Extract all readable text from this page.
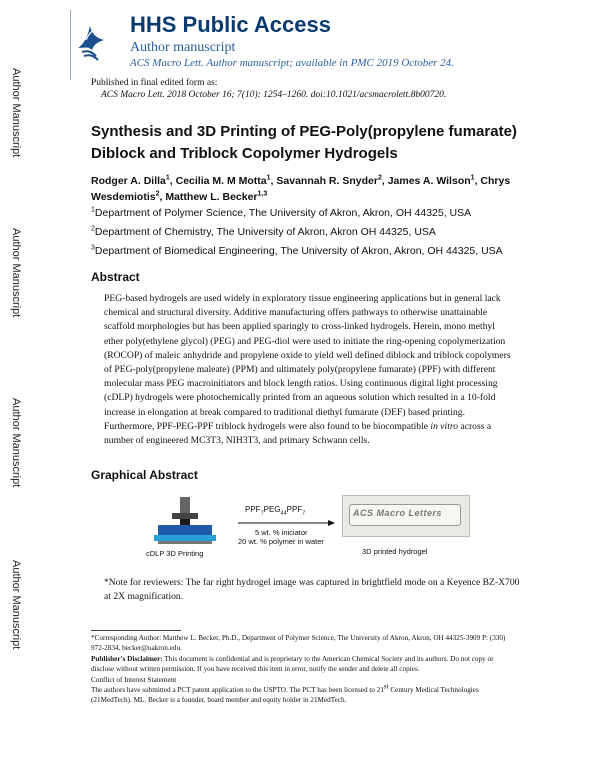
Author Manuscript
Author Manuscript
Author Manuscript
Author Manuscript
HHS Public Access
Author manuscript
ACS Macro Lett. Author manuscript; available in PMC 2019 October 24.
Published in final edited form as:
ACS Macro Lett. 2018 October 16; 7(10): 1254–1260. doi:10.1021/acsmacrolett.8b00720.
Synthesis and 3D Printing of PEG-Poly(propylene fumarate)
Diblock and Triblock Copolymer Hydrogels
Rodger A. Dilla$^1$, Cecilia M. M Motta$^1$, Savannah R. Snyder$^2$, James A. Wilson$^1$, Chrys Wesdemiotis$^2$, Matthew L. Becker$^{1,3}$
$^1$Department of Polymer Science, The University of Akron, Akron, OH 44325, USA
$^2$Department of Chemistry, The University of Akron, Akron OH 44325, USA
$^3$Department of Biomedical Engineering, The University of Akron, Akron, OH 44325, USA
Abstract
PEG-based hydrogels are used widely in exploratory tissue engineering applications but in general lack chemical and structural diversity. Additive manufacturing offers pathways to otherwise unattainable scaffold morphologies but has been applied sparingly to cross-linked hydrogels. Herein, mono methyl ether poly(ethylene glycol) (PEG) and PEG-diol were used to initiate the ring-opening copolymerization (ROCOP) of maleic anhydride and propylene oxide to yield well defined diblock and triblock copolymers of PEG-poly(propylene maleate) (PPM) and ultimately poly(propylene fumarate) (PPF) with different molecular mass PEG macroinitiators and block length ratios. Using continuous digital light processing (cDLP) hydrogels were photochemically printed from an aqueous solution which resulted in a 10-fold increase in elongation at break compared to traditional diethyl fumarate (DEF) based printing. Furthermore, PPF-PEG-PPF triblock hydrogels were also found to be biocompatible in vitro across a number of engineered MC3T3, NIH3T3, and primary Schwann cells.
Graphical Abstract
cDLP 3D Printing
$PPF_7PEG_{44}PPF_7$
5 wt. % iniciator
20 wt. % polymer in water
ACS Macro Letters
3D printed hydrogel
*Note for reviewers: The far right hydrogel image was captured in brightfield mode on a Keyence BZ-X700 at 2X magnification.
*Corresponding Author: Matthew L. Becker, Ph.D., Department of Polymer Science, The University of Akron, Akron, OH 44325-3909 P: (330) 972-2834, becker@uakron.edu.
Publisher's Disclaimer: This document is confidential and is proprietary to the American Chemical Society and its authors. Do not copy or disclose without written permission. If you have received this item in error, notify the sender and delete all copies.
Conflict of Interest Statement
The authors have submitted a PCT patent application to the USPTO. The PCT has been licensed to 21st Century Medical Technologies (21MedTech). ML. Becker is a founder, board member and equity holder in 21MedTech.
